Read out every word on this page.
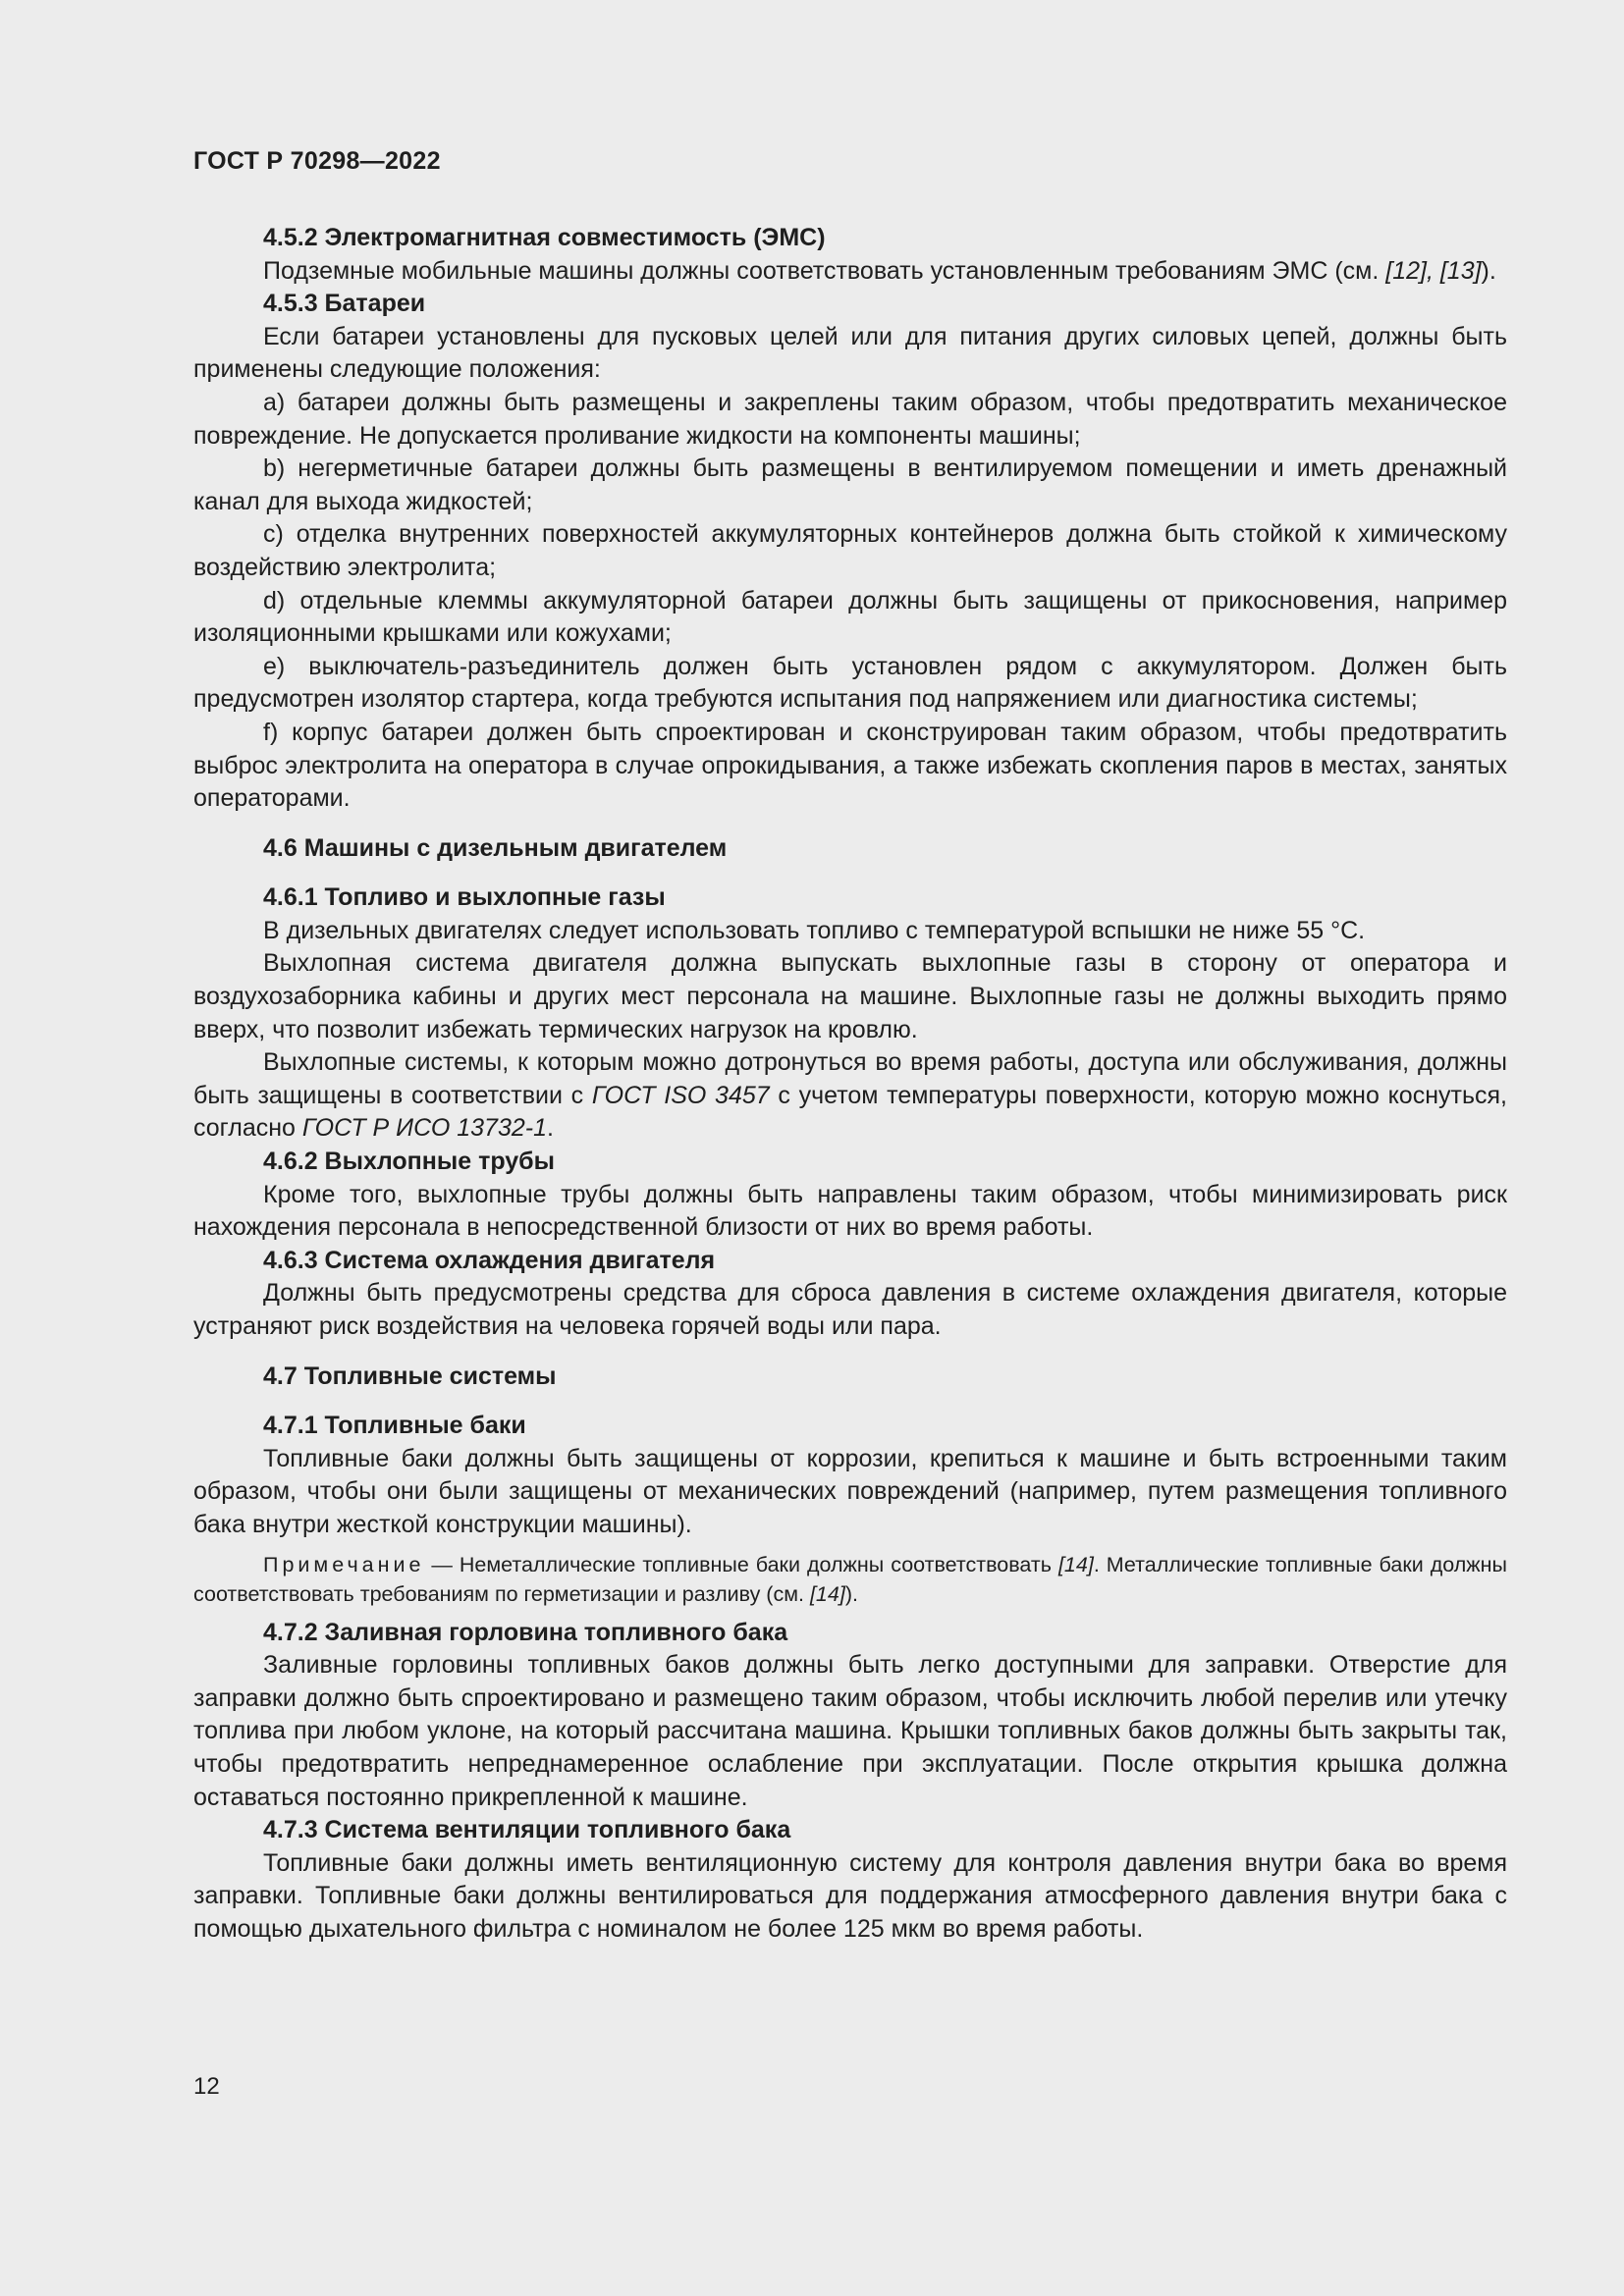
ГОСТ Р 70298—2022

4.5.2 Электромагнитная совместимость (ЭМС)

Подземные мобильные машины должны соответствовать установленным требованиям ЭМС (см. [12], [13]).

4.5.3 Батареи

Если батареи установлены для пусковых целей или для питания других силовых цепей, должны быть применены следующие положения:

a) батареи должны быть размещены и закреплены таким образом, чтобы предотвратить механическое повреждение. Не допускается проливание жидкости на компоненты машины;

b) негерметичные батареи должны быть размещены в вентилируемом помещении и иметь дренажный канал для выхода жидкостей;

c) отделка внутренних поверхностей аккумуляторных контейнеров должна быть стойкой к химическому воздействию электролита;

d) отдельные клеммы аккумуляторной батареи должны быть защищены от прикосновения, например изоляционными крышками или кожухами;

e) выключатель-разъединитель должен быть установлен рядом с аккумулятором. Должен быть предусмотрен изолятор стартера, когда требуются испытания под напряжением или диагностика системы;

f) корпус батареи должен быть спроектирован и сконструирован таким образом, чтобы предотвратить выброс электролита на оператора в случае опрокидывания, а также избежать скопления паров в местах, занятых операторами.

4.6 Машины с дизельным двигателем

4.6.1 Топливо и выхлопные газы

В дизельных двигателях следует использовать топливо с температурой вспышки не ниже 55 °С.

Выхлопная система двигателя должна выпускать выхлопные газы в сторону от оператора и воздухозаборника кабины и других мест персонала на машине. Выхлопные газы не должны выходить прямо вверх, что позволит избежать термических нагрузок на кровлю.

Выхлопные системы, к которым можно дотронуться во время работы, доступа или обслуживания, должны быть защищены в соответствии с ГОСТ ISO 3457 с учетом температуры поверхности, которую можно коснуться, согласно ГОСТ Р ИСО 13732-1.

4.6.2 Выхлопные трубы

Кроме того, выхлопные трубы должны быть направлены таким образом, чтобы минимизировать риск нахождения персонала в непосредственной близости от них во время работы.

4.6.3 Система охлаждения двигателя

Должны быть предусмотрены средства для сброса давления в системе охлаждения двигателя, которые устраняют риск воздействия на человека горячей воды или пара.

4.7 Топливные системы

4.7.1 Топливные баки

Топливные баки должны быть защищены от коррозии, крепиться к машине и быть встроенными таким образом, чтобы они были защищены от механических повреждений (например, путем размещения топливного бака внутри жесткой конструкции машины).

Примечание — Неметаллические топливные баки должны соответствовать [14]. Металлические топливные баки должны соответствовать требованиям по герметизации и разливу (см. [14]).

4.7.2 Заливная горловина топливного бака

Заливные горловины топливных баков должны быть легко доступными для заправки. Отверстие для заправки должно быть спроектировано и размещено таким образом, чтобы исключить любой перелив или утечку топлива при любом уклоне, на который рассчитана машина. Крышки топливных баков должны быть закрыты так, чтобы предотвратить непреднамеренное ослабление при эксплуатации. После открытия крышка должна оставаться постоянно прикрепленной к машине.

4.7.3 Система вентиляции топливного бака

Топливные баки должны иметь вентиляционную систему для контроля давления внутри бака во время заправки. Топливные баки должны вентилироваться для поддержания атмосферного давления внутри бака с помощью дыхательного фильтра с номиналом не более 125 мкм во время работы.

12
